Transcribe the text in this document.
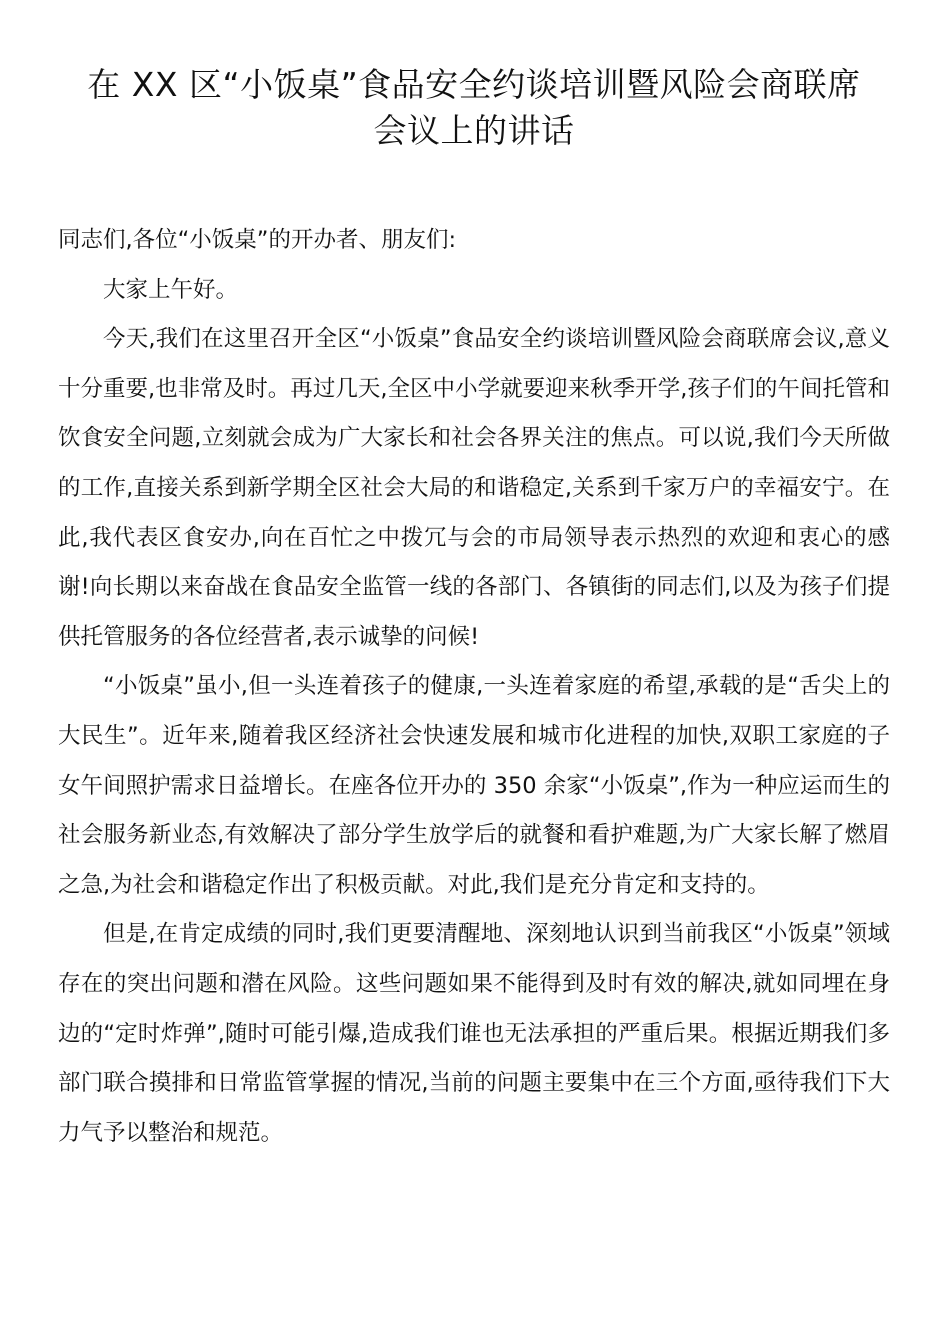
在 XX 区“小饭桌”食品安全约谈培训暨风险会商联席
会议上的讲话

同志们,各位“小饭桌”的开办者、朋友们:

大家上午好。

今天,我们在这里召开全区“小饭桌”食品安全约谈培训暨风险会商联席会议,意义十分重要,也非常及时。再过几天,全区中小学就要迎来秋季开学,孩子们的午间托管和饮食安全问题,立刻就会成为广大家长和社会各界关注的焦点。可以说,我们今天所做的工作,直接关系到新学期全区社会大局的和谐稳定,关系到千家万户的幸福安宁。在此,我代表区食安办,向在百忙之中拨冗与会的市局领导表示热烈的欢迎和衷心的感谢!向长期以来奋战在食品安全监管一线的各部门、各镇街的同志们,以及为孩子们提供托管服务的各位经营者,表示诚挚的问候!

“小饭桌”虽小,但一头连着孩子的健康,一头连着家庭的希望,承载的是“舌尖上的大民生”。近年来,随着我区经济社会快速发展和城市化进程的加快,双职工家庭的子女午间照护需求日益增长。在座各位开办的 350 余家“小饭桌”,作为一种应运而生的社会服务新业态,有效解决了部分学生放学后的就餐和看护难题,为广大家长解了燃眉之急,为社会和谐稳定作出了积极贡献。对此,我们是充分肯定和支持的。

但是,在肯定成绩的同时,我们更要清醒地、深刻地认识到当前我区“小饭桌”领域存在的突出问题和潜在风险。这些问题如果不能得到及时有效的解决,就如同埋在身边的“定时炸弹”,随时可能引爆,造成我们谁也无法承担的严重后果。根据近期我们多部门联合摸排和日常监管掌握的情况,当前的问题主要集中在三个方面,亟待我们下大力气予以整治和规范。
